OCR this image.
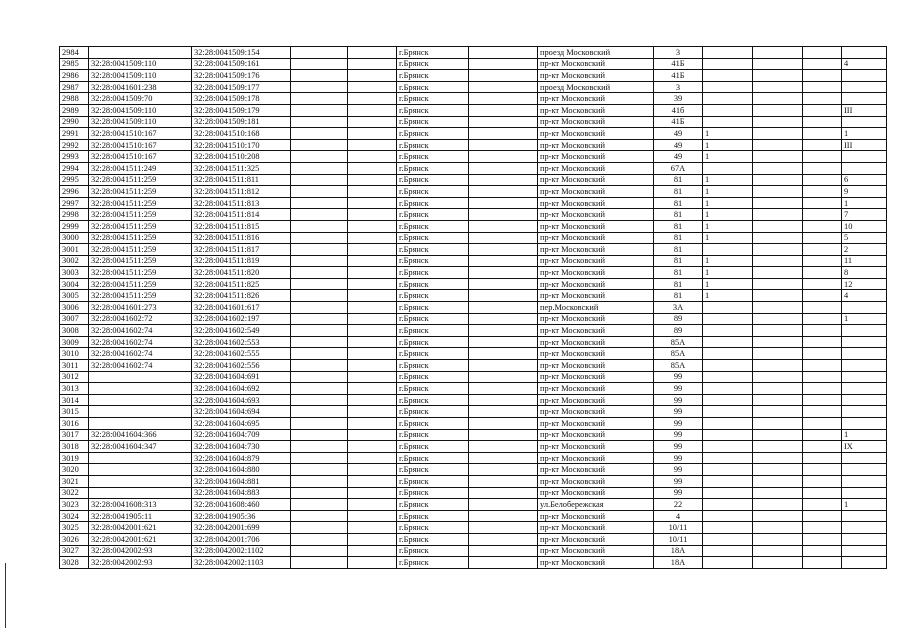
2984		32:28:0041509:154			г.Брянск		проезд Московский	3				
2985	32:28:0041509:110	32:28:0041509:161			г.Брянск		пр-кт Московский	41Б				4
2986	32:28:0041509:110	32:28:0041509:176			г.Брянск		пр-кт Московский	41Б				
2987	32:28:0041601:238	32:28:0041509:177			г.Брянск		проезд Московский	3				
2988	32:28:0041509:70	32:28:0041509:178			г.Брянск		пр-кт Московский	39				
2989	32:28:0041509:110	32:28:0041509:179			г.Брянск		пр-кт Московский	41б				III
2990	32:28:0041509:110	32:28:0041509:181			г.Брянск		пр-кт Московский	41Б				
2991	32:28:0041510:167	32:28:0041510:168			г.Брянск		пр-кт Московский	49	1			1
2992	32:28:0041510:167	32:28:0041510:170			г.Брянск		пр-кт Московский	49	1			III
2993	32:28:0041510:167	32:28:0041510:208			г.Брянск		пр-кт Московский	49	1			
2994	32:28:0041511:249	32:28:0041511:325			г.Брянск		пр-кт Московский	67А				
2995	32:28:0041511:259	32:28:0041511:811			г.Брянск		пр-кт Московский	81	1			6
2996	32:28:0041511:259	32:28:0041511:812			г.Брянск		пр-кт Московский	81	1			9
2997	32:28:0041511:259	32:28:0041511:813			г.Брянск		пр-кт Московский	81	1			1
2998	32:28:0041511:259	32:28:0041511:814			г.Брянск		пр-кт Московский	81	1			7
2999	32:28:0041511:259	32:28:0041511:815			г.Брянск		пр-кт Московский	81	1			10
3000	32:28:0041511:259	32:28:0041511:816			г.Брянск		пр-кт Московский	81	1			5
3001	32:28:0041511:259	32:28:0041511:817			г.Брянск		пр-кт Московский	81				2
3002	32:28:0041511:259	32:28:0041511:819			г.Брянск		пр-кт Московский	81	1			11
3003	32:28:0041511:259	32:28:0041511:820			г.Брянск		пр-кт Московский	81	1			8
3004	32:28:0041511:259	32:28:0041511:825			г.Брянск		пр-кт Московский	81	1			12
3005	32:28:0041511:259	32:28:0041511:826			г.Брянск		пр-кт Московский	81	1			4
3006	32:28:0041601:273	32:28:0041601:617			г.Брянск		пер.Московский	3А				
3007	32:28:0041602:72	32:28:0041602:197			г.Брянск		пр-кт Московский	89				1
3008	32:28:0041602:74	32:28:0041602:549			г.Брянск		пр-кт Московский	89				
3009	32:28:0041602:74	32:28:0041602:553			г.Брянск		пр-кт Московский	85А				
3010	32:28:0041602:74	32:28:0041602:555			г.Брянск		пр-кт Московский	85А				
3011	32:28:0041602:74	32:28:0041602:556			г.Брянск		пр-кт Московский	85А				
3012		32:28:0041604:691			г.Брянск		пр-кт Московский	99				
3013		32:28:0041604:692			г.Брянск		пр-кт Московский	99				
3014		32:28:0041604:693			г.Брянск		пр-кт Московский	99				
3015		32:28:0041604:694			г.Брянск		пр-кт Московский	99				
3016		32:28:0041604:695			г.Брянск		пр-кт Московский	99				
3017	32:28:0041604:366	32:28:0041604:709			г.Брянск		пр-кт Московский	99				1
3018	32:28:0041604:347	32:28:0041604:730			г.Брянск		пр-кт Московский	99				IX
3019		32:28:0041604:879			г.Брянск		пр-кт Московский	99				
3020		32:28:0041604:880			г.Брянск		пр-кт Московский	99				
3021		32:28:0041604:881			г.Брянск		пр-кт Московский	99				
3022		32:28:0041604:883			г.Брянск		пр-кт Московский	99				
3023	32:28:0041608:313	32:28:0041608:460			г.Брянск		ул.Белобережская	22				1
3024	32:28:0041905:11	32:28:0041905:36			г.Брянск		пр-кт Московский	4				
3025	32:28:0042001:621	32:28:0042001:699			г.Брянск		пр-кт Московский	10/11				
3026	32:28:0042001:621	32:28:0042001:706			г.Брянск		пр-кт Московский	10/11				
3027	32:28:0042002:93	32:28:0042002:1102			г.Брянск		пр-кт Московский	18А				
3028	32:28:0042002:93	32:28:0042002:1103			г.Брянск		пр-кт Московский	18А				
